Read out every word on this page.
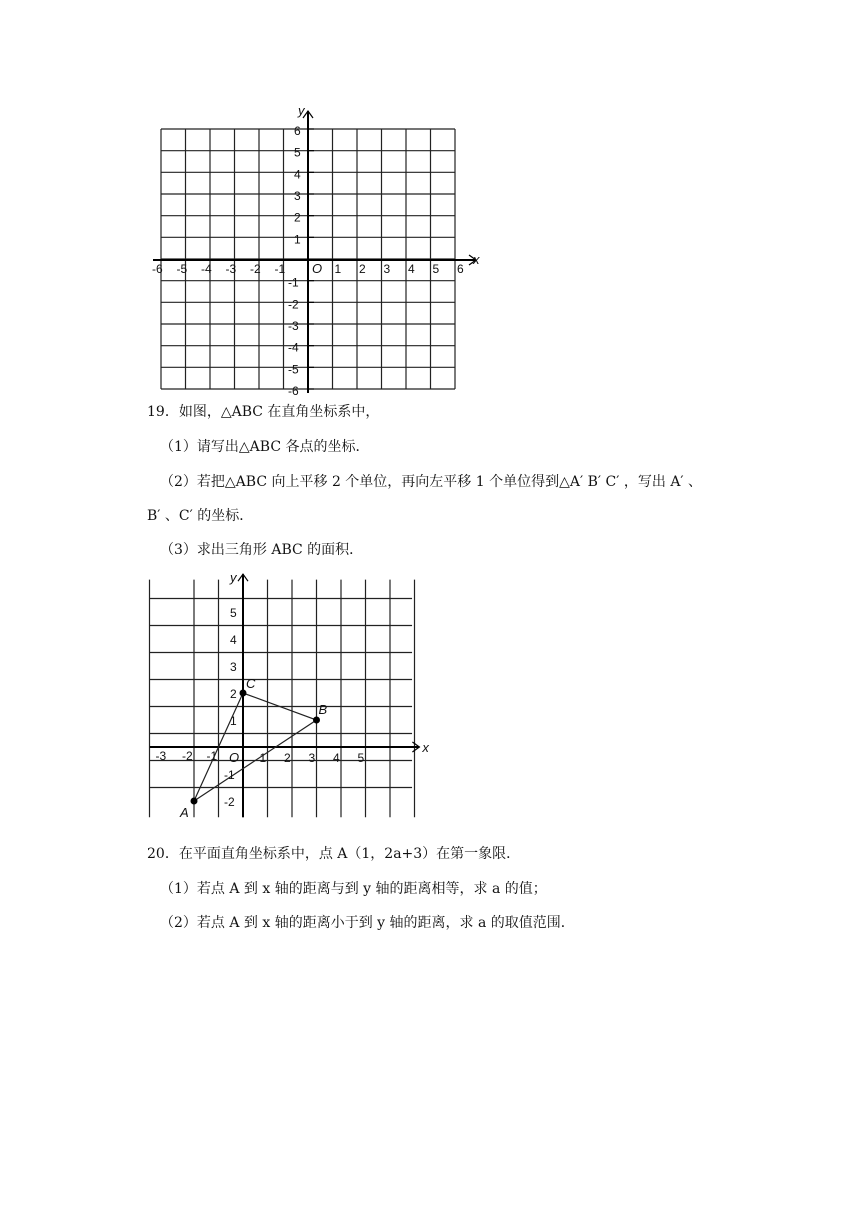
x
y
O
-6 -5 -4 -3 -2 -1	1 2 3 4 5 6
6
5
4
3
2
1
-1
-2
-3
-4
-5
-6
19．如图，△ABC 在直角坐标系中，
（1）请写出△ABC 各点的坐标．
（2）若把△ABC 向上平移 2 个单位，再向左平移 1 个单位得到△A′ B′ C′ ，写出 A′ 、
B′ 、C′ 的坐标．
（3）求出三角形 ABC 的面积．
A
B
C
x
y
O
-3 -2 -1	1 2 3 4 5
5
4
3
2
1
-1
-2
20．在平面直角坐标系中，点 A（1，2a+3）在第一象限．
（1）若点 A 到 x 轴的距离与到 y 轴的距离相等，求 a 的值；
（2）若点 A 到 x 轴的距离小于到 y 轴的距离，求 a 的取值范围．
